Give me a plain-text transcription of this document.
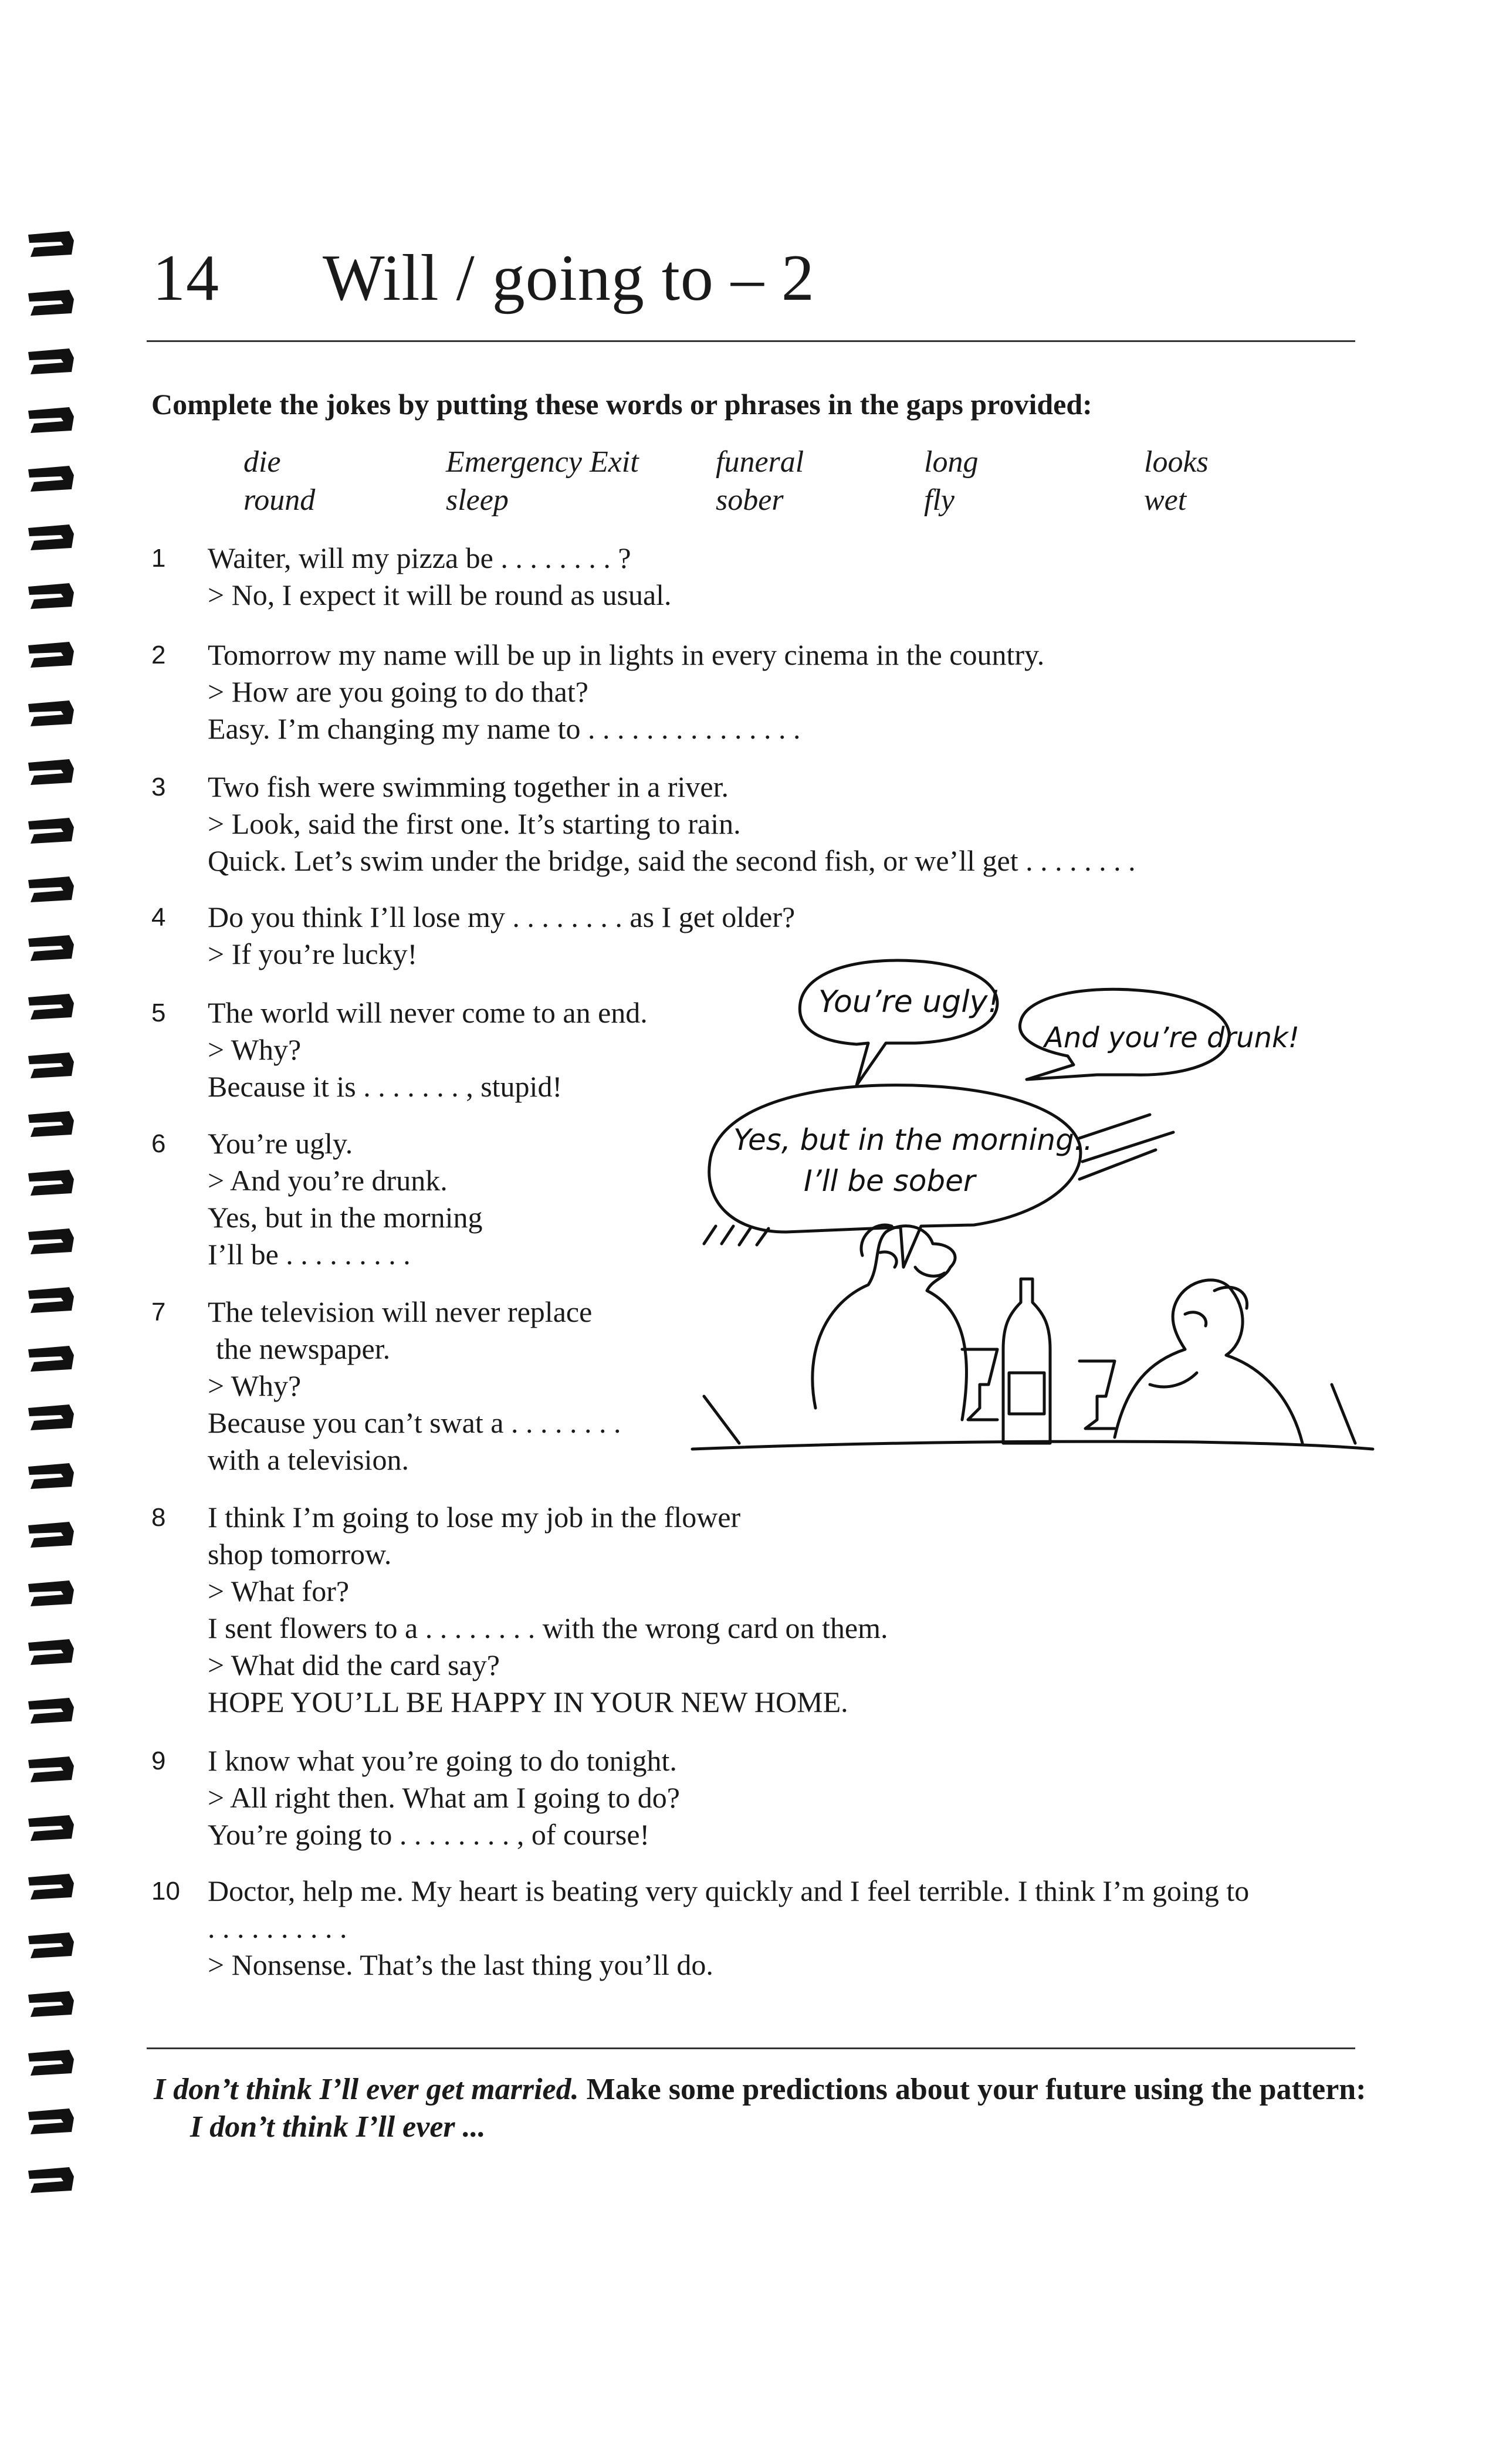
14 Will / going to – 2
Complete the jokes by putting these words or phrases in the gaps provided:
die	Emergency Exit	funeral	long	looks
round	sleep	sober	fly	wet
1	Waiter, will my pizza be . . . . . . . . ?
> No, I expect it will be round as usual.
2	Tomorrow my name will be up in lights in every cinema in the country.
> How are you going to do that?
Easy. I’m changing my name to . . . . . . . . . . . . . . .
3	Two fish were swimming together in a river.
> Look, said the first one. It’s starting to rain.
Quick. Let’s swim under the bridge, said the second fish, or we’ll get . . . . . . . .
4	Do you think I’ll lose my . . . . . . . . as I get older?
> If you’re lucky!
5	The world will never come to an end.
> Why?
Because it is . . . . . . . , stupid!
6	You’re ugly.
> And you’re drunk.
Yes, but in the morning
I’ll be . . . . . . . . .
7	The television will never replace
the newspaper.
> Why?
Because you can’t swat a . . . . . . . .
with a television.
8	I think I’m going to lose my job in the flower
shop tomorrow.
> What for?
I sent flowers to a . . . . . . . . with the wrong card on them.
> What did the card say?
HOPE YOU’LL BE HAPPY IN YOUR NEW HOME.
9	I know what you’re going to do tonight.
> All right then. What am I going to do?
You’re going to . . . . . . . . , of course!
10 Doctor, help me. My heart is beating very quickly and I feel terrible. I think I’m going to
. . . . . . . . . .
> Nonsense. That’s the last thing you’ll do.
You’re ugly!
And you’re drunk!
Yes, but in the morning..
I’ll be sober
I don’t think I’ll ever get married. Make some predictions about your future using the pattern:
I don’t think I’ll ever ...
